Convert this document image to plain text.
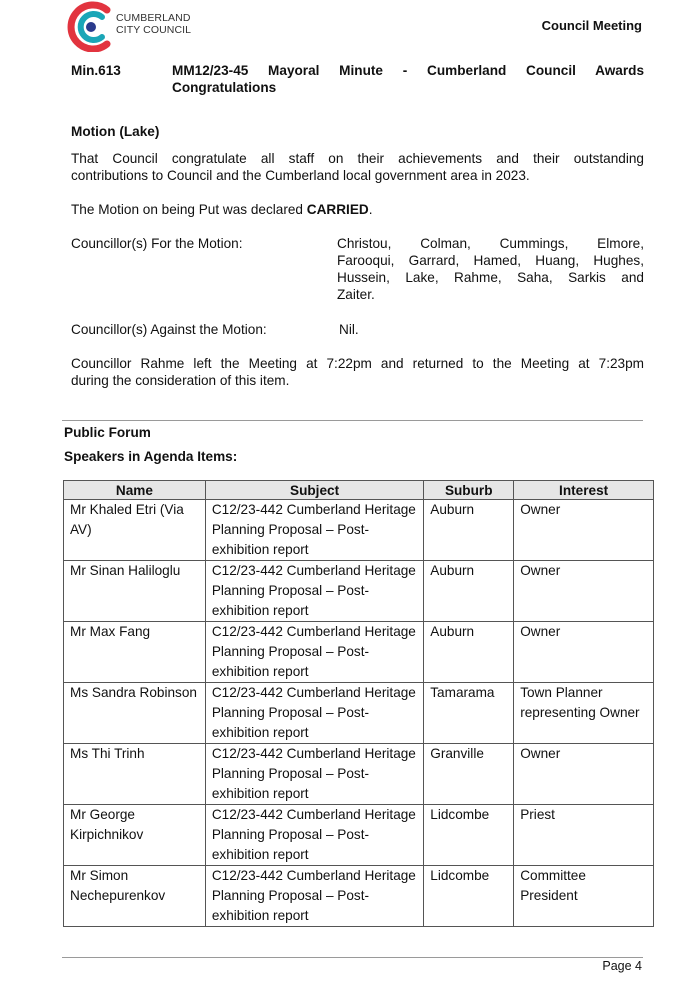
CUMBERLAND
CITY COUNCIL	Council Meeting
Min.613	MM12/23-45 Mayoral Minute - Cumberland Council Awards
Congratulations
Motion (Lake)
That Council congratulate all staff on their achievements and their outstanding
contributions to Council and the Cumberland local government area in 2023.
The Motion on being Put was declared CARRIED.
Councillor(s) For the Motion:	Christou, Colman, Cummings, Elmore,
Farooqui, Garrard, Hamed, Huang, Hughes,
Hussein, Lake, Rahme, Saha, Sarkis and
Zaiter.
Councillor(s) Against the Motion:	Nil.
Councillor Rahme left the Meeting at 7:22pm and returned to the Meeting at 7:23pm
during the consideration of this item.
Public Forum
Speakers in Agenda Items:
Name	Subject	Suburb	Interest
Mr Khaled Etri (Via AV)	C12/23-442 Cumberland Heritage Planning Proposal – Post-exhibition report	Auburn	Owner
Mr Sinan Haliloglu	C12/23-442 Cumberland Heritage Planning Proposal – Post-exhibition report	Auburn	Owner
Mr Max Fang	C12/23-442 Cumberland Heritage Planning Proposal – Post-exhibition report	Auburn	Owner
Ms Sandra Robinson	C12/23-442 Cumberland Heritage Planning Proposal – Post-exhibition report	Tamarama	Town Planner representing Owner
Ms Thi Trinh	C12/23-442 Cumberland Heritage Planning Proposal – Post-exhibition report	Granville	Owner
Mr George Kirpichnikov	C12/23-442 Cumberland Heritage Planning Proposal – Post-exhibition report	Lidcombe	Priest
Mr Simon Nechepurenkov	C12/23-442 Cumberland Heritage Planning Proposal – Post-exhibition report	Lidcombe	Committee President
Page 4
